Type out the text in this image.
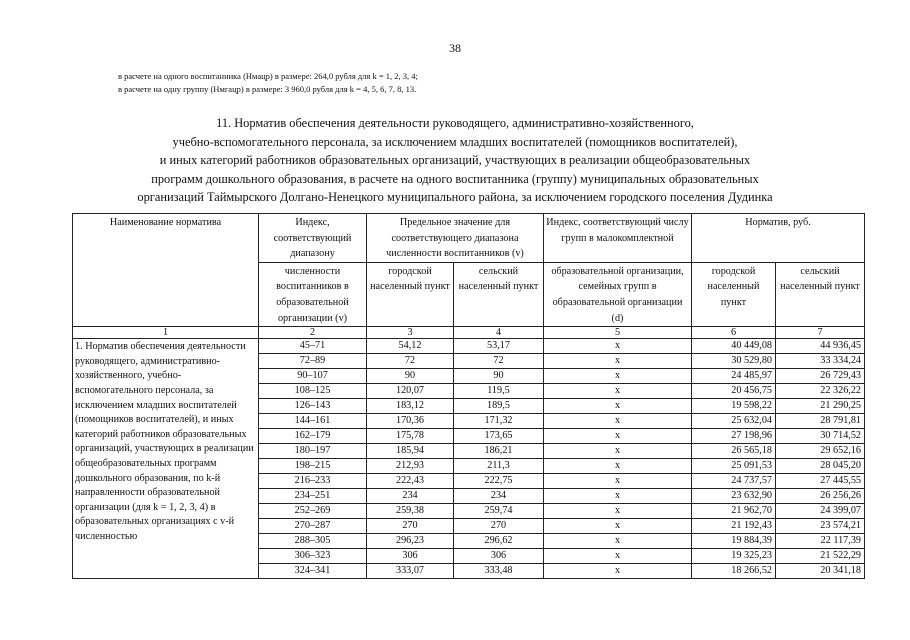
38
в расчете на одного воспитанника (Нмацр) в размере: 264,0 рубля для k = 1, 2, 3, 4;
в расчете на одну группу (Нмгацр) в размере: 3 960,0 рубля для k = 4, 5, 6, 7, 8, 13.
11. Норматив обеспечения деятельности руководящего, административно-хозяйственного,
учебно-вспомогательного персонала, за исключением младших воспитателей (помощников воспитателей),
и иных категорий работников образовательных организаций, участвующих в реализации общеобразовательных
программ дошкольного образования, в расчете на одного воспитанника (группу) муниципальных образовательных
организаций Таймырского Долгано-Ненецкого муниципального района, за исключением городского поселения Дудинка
Наименование норматива	Индекс, соответствующий диапазону	Предельное значение для соответствующего диапазона численности воспитанников (v)		Индекс, соответствующий числу групп в малокомплектной	Норматив, руб.	
	численности воспитанников в образовательной организации (v)	городской населенный пункт	сельский населенный пункт	образовательной организации, семейных групп в образовательной организации (d)	городской населенный пункт	сельский населенный пункт
1	2	3	4	5	6	7
1. Норматив обеспечения деятельности руководящего, административно-хозяйственного, учебно-вспомогательного персонала, за исключением младших воспитателей (помощников воспитателей), и иных категорий работников образовательных организаций, участвующих в реализации общеобразовательных программ дошкольного образования, по k-й направленности образовательной организации (для k = 1, 2, 3, 4) в образовательных организациях с v-й численностью	45–71	54,12	53,17	х	40 449,08	44 936,45
	72–89	72	72	х	30 529,80	33 334,24
	90–107	90	90	х	24 485,97	26 729,43
	108–125	120,07	119,5	х	20 456,75	22 326,22
	126–143	183,12	189,5	х	19 598,22	21 290,25
	144–161	170,36	171,32	х	25 632,04	28 791,81
	162–179	175,78	173,65	х	27 198,96	30 714,52
	180–197	185,94	186,21	х	26 565,18	29 652,16
	198–215	212,93	211,3	х	25 091,53	28 045,20
	216–233	222,43	222,75	х	24 737,57	27 445,55
	234–251	234	234	х	23 632,90	26 256,26
	252–269	259,38	259,74	х	21 962,70	24 399,07
	270–287	270	270	х	21 192,43	23 574,21
	288–305	296,23	296,62	х	19 884,39	22 117,39
	306–323	306	306	х	19 325,23	21 522,29
	324–341	333,07	333,48	х	18 266,52	20 341,18
